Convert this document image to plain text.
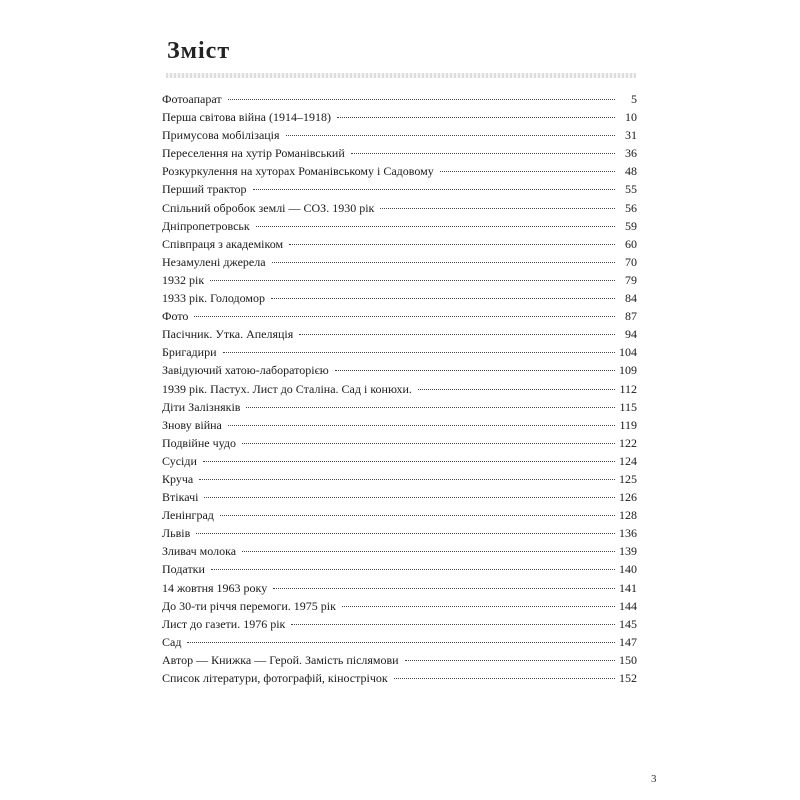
Зміст
Фотоапарат	5
Перша світова війна (1914–1918)	10
Примусова мобілізація	31
Переселення на хутір Романівський	36
Розкуркулення на хуторах Романівському і Садовому	48
Перший трактор	55
Спільний обробок землі — СОЗ. 1930 рік	56
Дніпропетровськ	59
Співпраця з академіком	60
Незамулені джерела	70
1932 рік	79
1933 рік. Голодомор	84
Фото	87
Пасічник. Утка. Апеляція	94
Бригадири	104
Завідуючий хатою-лабораторією	109
1939 рік. Пастух. Лист до Сталіна. Сад і конюхи.	112
Діти Залізняків	115
Знову війна	119
Подвійне чудо	122
Сусіди	124
Круча	125
Втікачі	126
Ленінград	128
Львів	136
Зливач молока	139
Податки	140
14 жовтня 1963 року	141
До 30-ти річчя перемоги. 1975 рік	144
Лист до газети. 1976 рік	145
Сад	147
Автор — Книжка — Герой. Замість післямови	150
Список літератури, фотографій, кінострічок	152
3
